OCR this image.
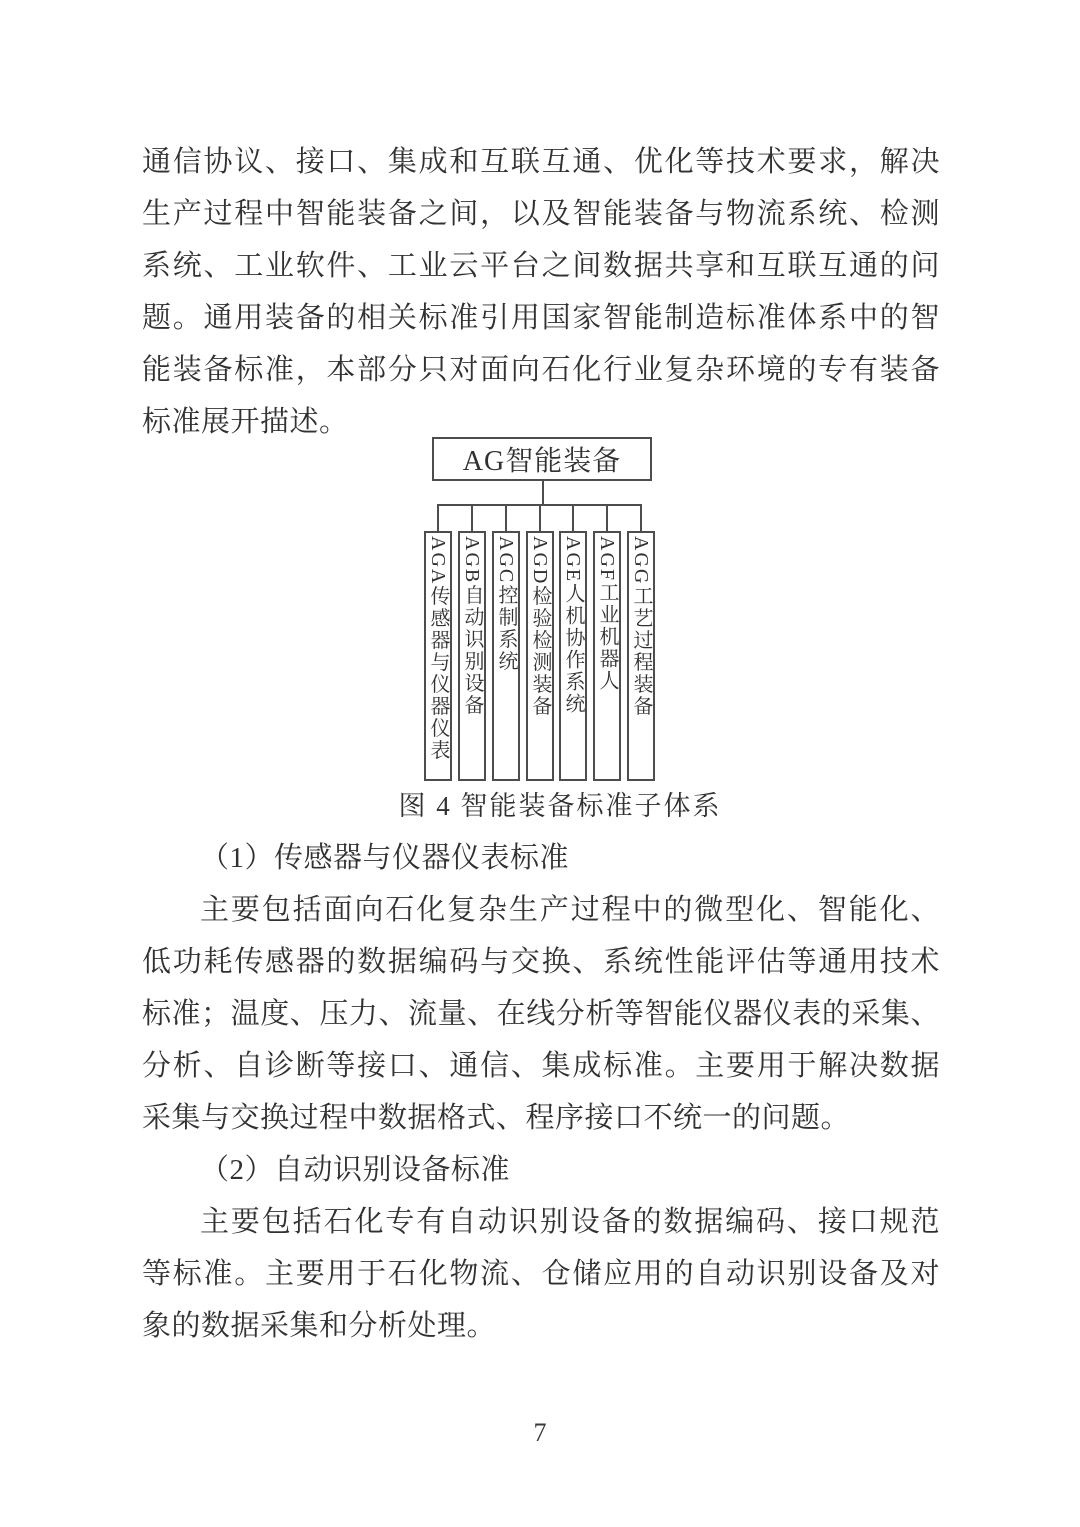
通信协议、接口、集成和互联互通、优化等技术要求，解决
生产过程中智能装备之间，以及智能装备与物流系统、检测
系统、工业软件、工业云平台之间数据共享和互联互通的问
题。通用装备的相关标准引用国家智能制造标准体系中的智
能装备标准，本部分只对面向石化行业复杂环境的专有装备
标准展开描述。
AG智能装备
AGA传感器与仪器仪表 AGB自动识别设备 AGC控制系统 AGD检验检测装备 AGE人机协作系统 AGF工业机器人 AGG工艺过程装备
图 4 智能装备标准子体系
（1）传感器与仪器仪表标准
主要包括面向石化复杂生产过程中的微型化、智能化、
低功耗传感器的数据编码与交换、系统性能评估等通用技术
标准；温度、压力、流量、在线分析等智能仪器仪表的采集、
分析、自诊断等接口、通信、集成标准。主要用于解决数据
采集与交换过程中数据格式、程序接口不统一的问题。
（2）自动识别设备标准
主要包括石化专有自动识别设备的数据编码、接口规范
等标准。主要用于石化物流、仓储应用的自动识别设备及对
象的数据采集和分析处理。
7
